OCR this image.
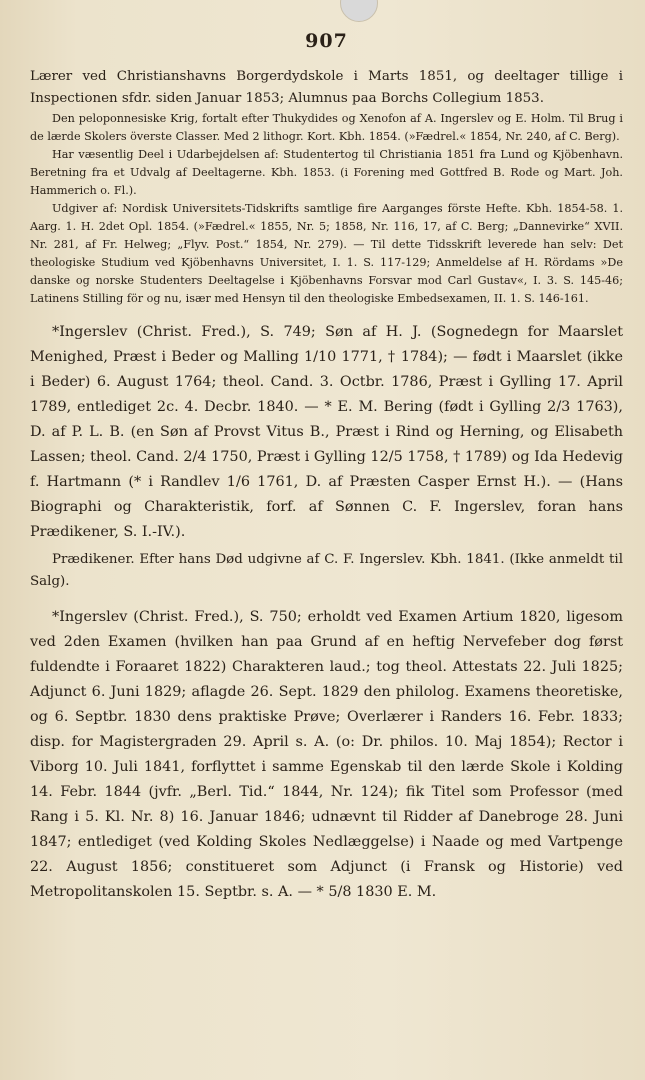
907

Lærer ved Christianshavns Borgerdydskole i Marts 1851, og deeltager tillige i Inspectionen sfdr. siden Januar 1853; Alumnus paa Borchs Collegium 1853.

Den peloponnesiske Krig, fortalt efter Thukydides og Xenofon af A. Ingerslev og E. Holm. Til Brug i de lærde Skolers överste Classer. Med 2 lithogr. Kort. Kbh. 1854. (»Fædrel.« 1854, Nr. 240, af C. Berg).

Har væsentlig Deel i Udarbejdelsen af: Studentertog til Christiania 1851 fra Lund og Kjöbenhavn. Beretning fra et Udvalg af Deeltagerne. Kbh. 1853. (i Forening med Gottfred B. Rode og Mart. Joh. Hammerich o. Fl.).

Udgiver af: Nordisk Universitets-Tidskrifts samtlige fire Aarganges förste Hefte. Kbh. 1854-58. 1. Aarg. 1. H. 2det Opl. 1854. (»Fædrel.« 1855, Nr. 5; 1858, Nr. 116, 17, af C. Berg; „Dannevirke“ XVII. Nr. 281, af Fr. Helweg; „Flyv. Post.“ 1854, Nr. 279). — Til dette Tidsskrift leverede han selv: Det theologiske Studium ved Kjöbenhavns Universitet, I. 1. S. 117-129; Anmeldelse af H. Rördams »De danske og norske Studenters Deeltagelse i Kjöbenhavns Forsvar mod Carl Gustav«, I. 3. S. 145-46; Latinens Stilling för og nu, især med Hensyn til den theologiske Embedsexamen, II. 1. S. 146-161.

*Ingerslev (Christ. Fred.), S. 749; Søn af H. J. (Sognedegn for Maarslet Menighed, Præst i Beder og Malling 1/10 1771, † 1784); — født i Maarslet (ikke i Beder) 6. August 1764; theol. Cand. 3. Octbr. 1786, Præst i Gylling 17. April 1789, entlediget 2c. 4. Decbr. 1840. — * E. M. Bering (født i Gylling 2/3 1763), D. af P. L. B. (en Søn af Provst Vitus B., Præst i Rind og Herning, og Elisabeth Lassen; theol. Cand. 2/4 1750, Præst i Gylling 12/5 1758, † 1789) og Ida Hedevig f. Hartmann (* i Randlev 1/6 1761, D. af Præsten Casper Ernst H.). — (Hans Biographi og Charakteristik, forf. af Sønnen C. F. Ingerslev, foran hans Prædikener, S. I.-IV.).

Prædikener. Efter hans Død udgivne af C. F. Ingerslev. Kbh. 1841. (Ikke anmeldt til Salg).

*Ingerslev (Christ. Fred.), S. 750; erholdt ved Examen Artium 1820, ligesom ved 2den Examen (hvilken han paa Grund af en heftig Nervefeber dog først fuldendte i Foraaret 1822) Charakteren laud.; tog theol. Attestats 22. Juli 1825; Adjunct 6. Juni 1829; aflagde 26. Sept. 1829 den philolog. Examens theoretiske, og 6. Septbr. 1830 dens praktiske Prøve; Overlærer i Randers 16. Febr. 1833; disp. for Magistergraden 29. April s. A. (o: Dr. philos. 10. Maj 1854); Rector i Viborg 10. Juli 1841, forflyttet i samme Egenskab til den lærde Skole i Kolding 14. Febr. 1844 (jvfr. „Berl. Tid.“ 1844, Nr. 124); fik Titel som Professor (med Rang i 5. Kl. Nr. 8) 16. Januar 1846; udnævnt til Ridder af Danebroge 28. Juni 1847; entlediget (ved Kolding Skoles Nedlæggelse) i Naade og med Vartpenge 22. August 1856; constitueret som Adjunct (i Fransk og Historie) ved Metropolitanskolen 15. Septbr. s. A. — * 5/8 1830 E. M.
